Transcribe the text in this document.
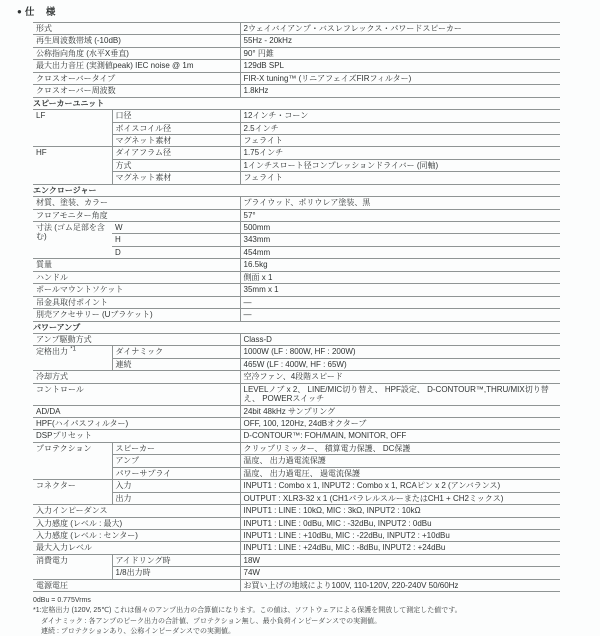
● 仕　様
形式		2ウェイバイアンプ・バスレフレックス・パワードスピーカー
再生周波数帯域 (-10dB)		55Hz - 20kHz
公称指向角度 (水平X垂直)		90° 円錐
最大出力音圧 (実測値peak) IEC noise @ 1m		129dB SPL
クロスオーバータイプ		FIR-X tuning™ (リニアフェイズFIRフィルター)
クロスオーバー周波数		1.8kHz
スピーカーユニット		
LF	口径	12インチ・コーン
	ボイスコイル径	2.5インチ
	マグネット素材	フェライト
HF	ダイアフラム径	1.75インチ
	方式	1インチスロート径コンプレッションドライバー (同軸)
	マグネット素材	フェライト
エンクロージャー		
材質、塗装、カラー		プライウッド、ポリウレア塗装、黒
フロアモニター角度		57°
寸法 (ゴム足部を含む)	W	500mm
	H	343mm
	D	454mm
質量		16.5kg
ハンドル		側面 x 1
ポールマウントソケット		35mm x 1
吊金具取付ポイント		—
別売アクセサリー (Uブラケット)		—
パワーアンプ		
アンプ駆動方式		Class-D
定格出力 $^{*1}$	ダイナミック	1000W (LF : 800W, HF : 200W)
	連続	465W (LF : 400W, HF : 65W)
冷却方式		空冷ファン、4段階スピード
コントロール		LEVELノブ x 2、 LINE/MIC切り替え、 HPF設定、 D-CONTOUR™,THRU/MIX切り替え、 POWERスイッチ
AD/DA		24bit 48kHz サンプリング
HPF(ハイパスフィルター)		OFF, 100, 120Hz, 24dBオクターブ
DSPプリセット		D-CONTOUR™: FOH/MAIN, MONITOR, OFF
プロテクション	スピーカー	クリップリミッター、 積算電力保護、 DC保護
	アンプ	温度、 出力過電流保護
	パワーサプライ	温度、 出力過電圧、 過電流保護
コネクター	入力	INPUT1 : Combo x 1, INPUT2 : Combo x 1, RCAピン x 2 (アンバランス)
	出力	OUTPUT : XLR3-32 x 1 (CH1パラレルスルーまたはCH1 + CH2ミックス)
入力インピーダンス		INPUT1 : LINE : 10kΩ, MIC : 3kΩ, INPUT2 : 10kΩ
入力感度 (レベル : 最大)		INPUT1 : LINE : 0dBu, MIC : -32dBu, INPUT2 : 0dBu
入力感度 (レベル : センター)		INPUT1 : LINE : +10dBu, MIC : -22dBu, INPUT2 : +10dBu
最大入力レベル		INPUT1 : LINE : +24dBu, MIC : -8dBu, INPUT2 : +24dBu
消費電力	アイドリング時	18W
	1/8出力時	74W
電源電圧		お買い上げの地域により100V, 110-120V, 220-240V 50/60Hz
0dBu = 0.775Vrms
*1:定格出力 (120V, 25℃) これは個々のアンプ出力の合算値になります。この値は、ソフトウェアによる保護を開放して測定した値です。
ダイナミック : 各アンプのピーク出力の合計値、プロテクション無し、最小負荷インピーダンスでの実測値。
連続 : プロテクションあり、公称インピーダンスでの実測値。
